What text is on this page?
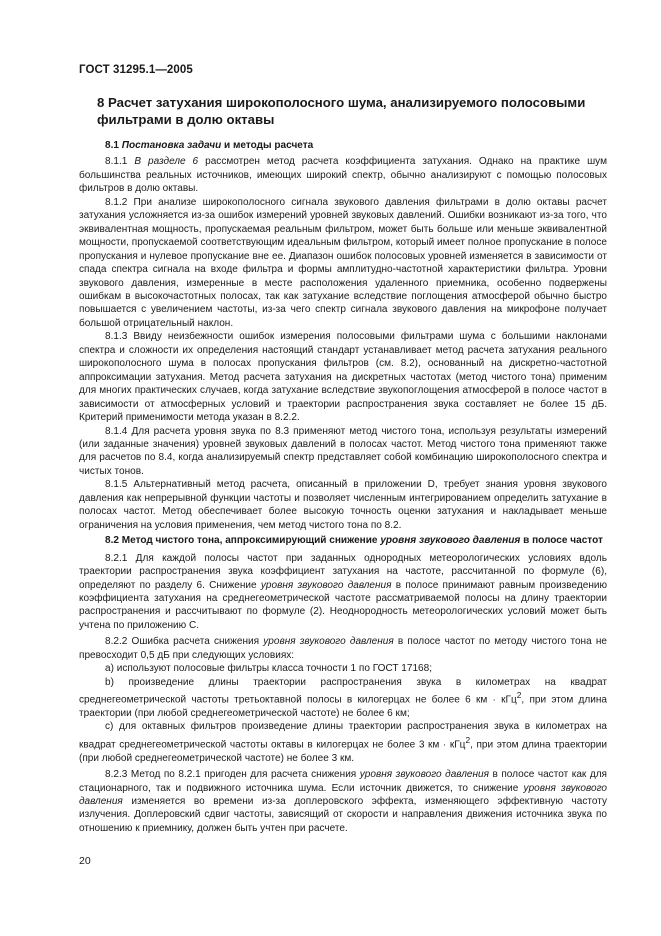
ГОСТ 31295.1—2005
8 Расчет затухания широкополосного шума, анализируемого полосовыми фильтрами в долю октавы

8.1 Постановка задачи и методы расчета

8.1.1 В разделе 6 рассмотрен метод расчета коэффициента затухания. Однако на практике шум большинства реальных источников, имеющих широкий спектр, обычно анализируют с помощью полосовых фильтров в долю октавы.

8.1.2 При анализе широкополосного сигнала звукового давления фильтрами в долю октавы расчет затухания усложняется из-за ошибок измерений уровней звуковых давлений. Ошибки возникают из-за того, что эквивалентная мощность, пропускаемая реальным фильтром, может быть больше или меньше эквивалентной мощности, пропускаемой соответствующим идеальным фильтром, который имеет полное пропускание в полосе пропускания и нулевое пропускание вне ее. Диапазон ошибок полосовых уровней изменяется в зависимости от спада спектра сигнала на входе фильтра и формы амплитудно-частотной характеристики фильтра. Уровни звукового давления, измеренные в месте расположения удаленного приемника, особенно подвержены ошибкам в высокочастотных полосах, так как затухание вследствие поглощения атмосферой обычно быстро повышается с увеличением частоты, из-за чего спектр сигнала звукового давления на микрофоне получает большой отрицательный наклон.

8.1.3 Ввиду неизбежности ошибок измерения полосовыми фильтрами шума с большими наклонами спектра и сложности их определения настоящий стандарт устанавливает метод расчета затухания реального широкополосного шума в полосах пропускания фильтров (см. 8.2), основанный на дискретно-частотной аппроксимации затухания. Метод расчета затухания на дискретных частотах (метод чистого тона) применим для многих практических случаев, когда затухание вследствие звукопоглощения атмосферой в полосе частот в зависимости от атмосферных условий и траектории распространения звука составляет не более 15 дБ. Критерий применимости метода указан в 8.2.2.

8.1.4 Для расчета уровня звука по 8.3 применяют метод чистого тона, используя результаты измерений (или заданные значения) уровней звуковых давлений в полосах частот. Метод чистого тона применяют также для расчетов по 8.4, когда анализируемый спектр представляет собой комбинацию широкополосного спектра и чистых тонов.

8.1.5 Альтернативный метод расчета, описанный в приложении D, требует знания уровня звукового давления как непрерывной функции частоты и позволяет численным интегрированием определить затухание в полосах частот. Метод обеспечивает более высокую точность оценки затухания и накладывает меньше ограничения на условия применения, чем метод чистого тона по 8.2.

8.2 Метод чистого тона, аппроксимирующий снижение уровня звукового давления в полосе частот

8.2.1 Для каждой полосы частот при заданных однородных метеорологических условиях вдоль траектории распространения звука коэффициент затухания на частоте, рассчитанной по формуле (6), определяют по разделу 6. Снижение уровня звукового давления в полосе принимают равным произведению коэффициента затухания на среднегеометрической частоте рассматриваемой полосы на длину траектории распространения и рассчитывают по формуле (2). Неоднородность метеорологических условий может быть учтена по приложению С.

8.2.2 Ошибка расчета снижения уровня звукового давления в полосе частот по методу чистого тона не превосходит 0,5 дБ при следующих условиях:

а) используют полосовые фильтры класса точности 1 по ГОСТ 17168;

b) произведение длины траектории распространения звука в километрах на квадрат среднегеометрической частоты третьоктавной полосы в килогерцах не более 6 км · кГц$^2$, при этом длина траектории (при любой среднегеометрической частоте) не более 6 км;

с) для октавных фильтров произведение длины траектории распространения звука в километрах на квадрат среднегеометрической частоты октавы в килогерцах не более 3 км · кГц$^2$, при этом длина траектории (при любой среднегеометрической частоте) не более 3 км.

8.2.3 Метод по 8.2.1 пригоден для расчета снижения уровня звукового давления в полосе частот как для стационарного, так и подвижного источника шума. Если источник движется, то снижение уровня звукового давления изменяется во времени из-за доплеровского эффекта, изменяющего эффективную частоту излучения. Доплеровский сдвиг частоты, зависящий от скорости и направления движения источника звука по отношению к приемнику, должен быть учтен при расчете.

20
